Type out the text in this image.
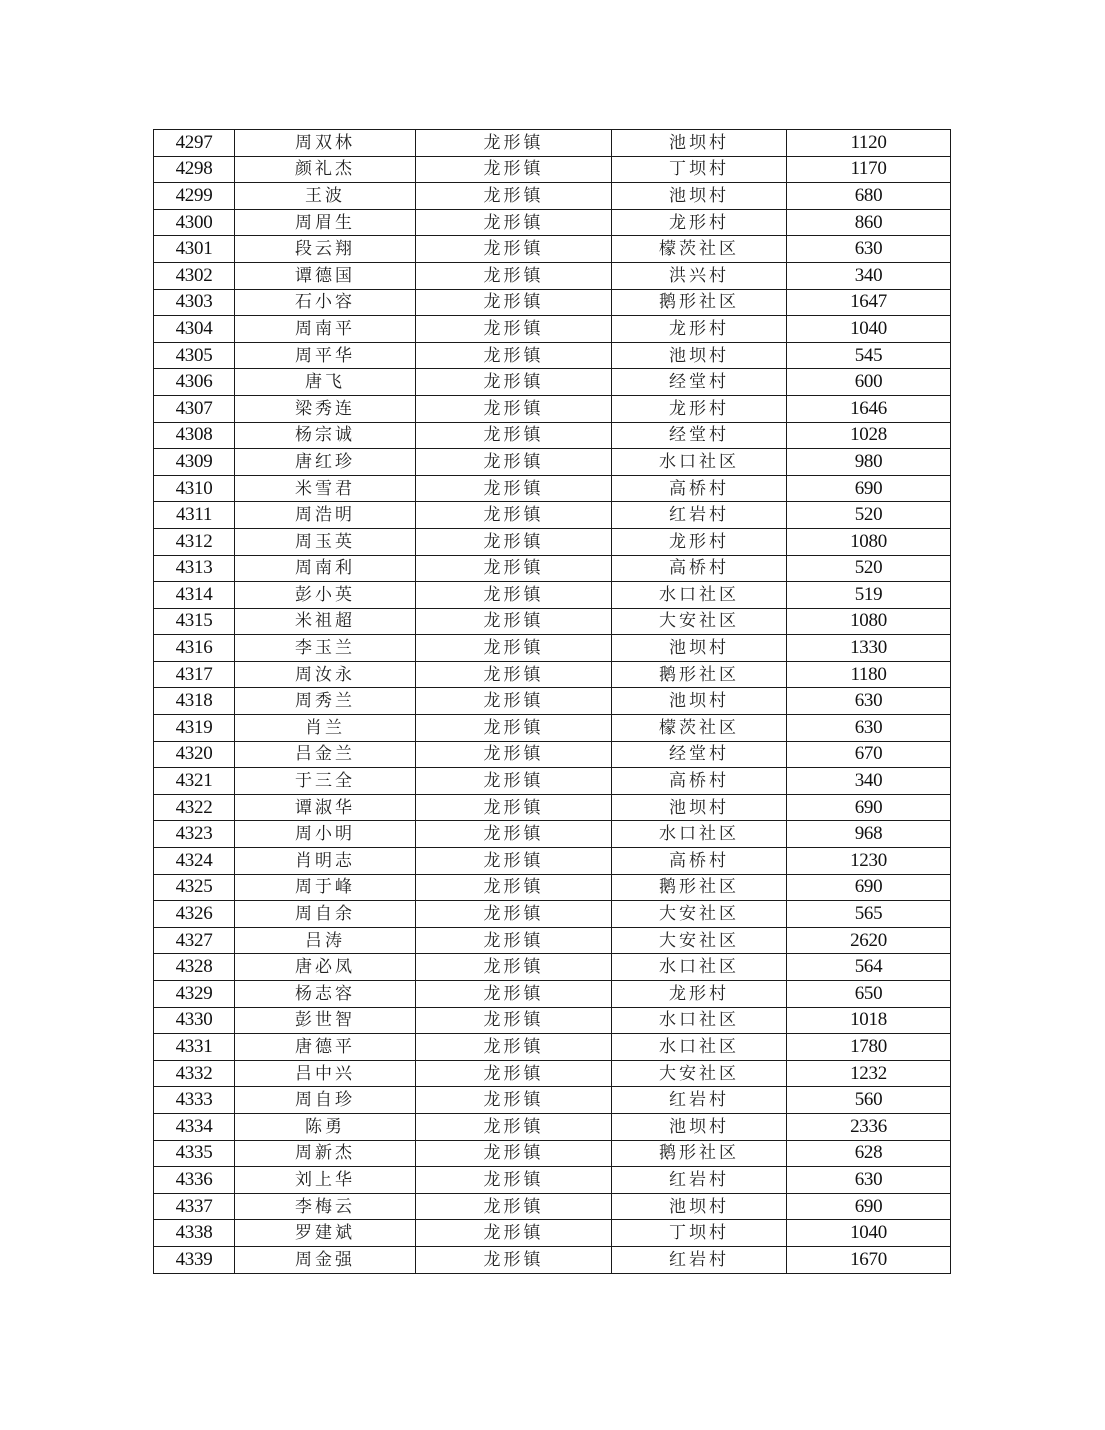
4297	周双林	龙形镇	池坝村	1120
4298	颜礼杰	龙形镇	丁坝村	1170
4299	王波	龙形镇	池坝村	680
4300	周眉生	龙形镇	龙形村	860
4301	段云翔	龙形镇	檬茨社区	630
4302	谭德国	龙形镇	洪兴村	340
4303	石小容	龙形镇	鹅形社区	1647
4304	周南平	龙形镇	龙形村	1040
4305	周平华	龙形镇	池坝村	545
4306	唐飞	龙形镇	经堂村	600
4307	梁秀连	龙形镇	龙形村	1646
4308	杨宗诚	龙形镇	经堂村	1028
4309	唐红珍	龙形镇	水口社区	980
4310	米雪君	龙形镇	高桥村	690
4311	周浩明	龙形镇	红岩村	520
4312	周玉英	龙形镇	龙形村	1080
4313	周南利	龙形镇	高桥村	520
4314	彭小英	龙形镇	水口社区	519
4315	米祖超	龙形镇	大安社区	1080
4316	李玉兰	龙形镇	池坝村	1330
4317	周汝永	龙形镇	鹅形社区	1180
4318	周秀兰	龙形镇	池坝村	630
4319	肖兰	龙形镇	檬茨社区	630
4320	吕金兰	龙形镇	经堂村	670
4321	于三全	龙形镇	高桥村	340
4322	谭淑华	龙形镇	池坝村	690
4323	周小明	龙形镇	水口社区	968
4324	肖明志	龙形镇	高桥村	1230
4325	周于峰	龙形镇	鹅形社区	690
4326	周自余	龙形镇	大安社区	565
4327	吕涛	龙形镇	大安社区	2620
4328	唐必凤	龙形镇	水口社区	564
4329	杨志容	龙形镇	龙形村	650
4330	彭世智	龙形镇	水口社区	1018
4331	唐德平	龙形镇	水口社区	1780
4332	吕中兴	龙形镇	大安社区	1232
4333	周自珍	龙形镇	红岩村	560
4334	陈勇	龙形镇	池坝村	2336
4335	周新杰	龙形镇	鹅形社区	628
4336	刘上华	龙形镇	红岩村	630
4337	李梅云	龙形镇	池坝村	690
4338	罗建斌	龙形镇	丁坝村	1040
4339	周金强	龙形镇	红岩村	1670
